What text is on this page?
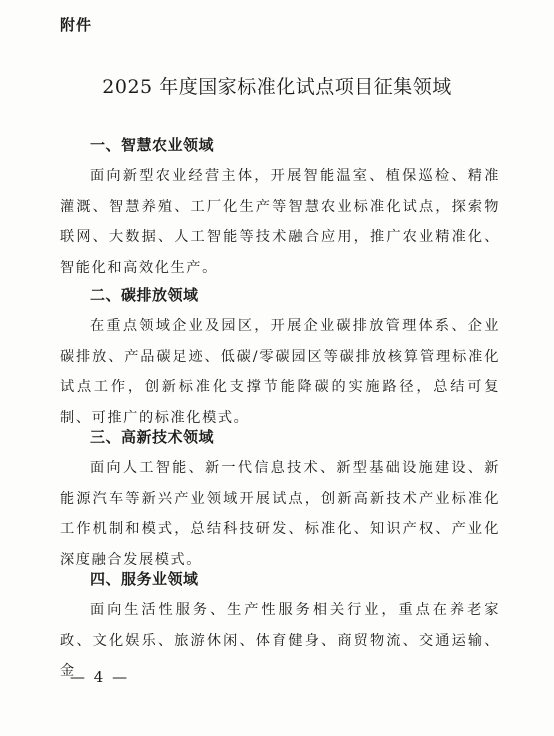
附件
2025 年度国家标准化试点项目征集领域
一、智慧农业领域
面向新型农业经营主体，开展智能温室、植保巡检、精准灌溉、智慧养殖、工厂化生产等智慧农业标准化试点，探索物联网、大数据、人工智能等技术融合应用，推广农业精准化、智能化和高效化生产。
二、碳排放领域
在重点领域企业及园区，开展企业碳排放管理体系、企业碳排放、产品碳足迹、低碳/零碳园区等碳排放核算管理标准化试点工作，创新标准化支撑节能降碳的实施路径，总结可复制、可推广的标准化模式。
三、高新技术领域
面向人工智能、新一代信息技术、新型基础设施建设、新能源汽车等新兴产业领域开展试点，创新高新技术产业标准化工作机制和模式，总结科技研发、标准化、知识产权、产业化深度融合发展模式。
四、服务业领域
面向生活性服务、生产性服务相关行业，重点在养老家政、文化娱乐、旅游休闲、体育健身、商贸物流、交通运输、金
— 4 —
